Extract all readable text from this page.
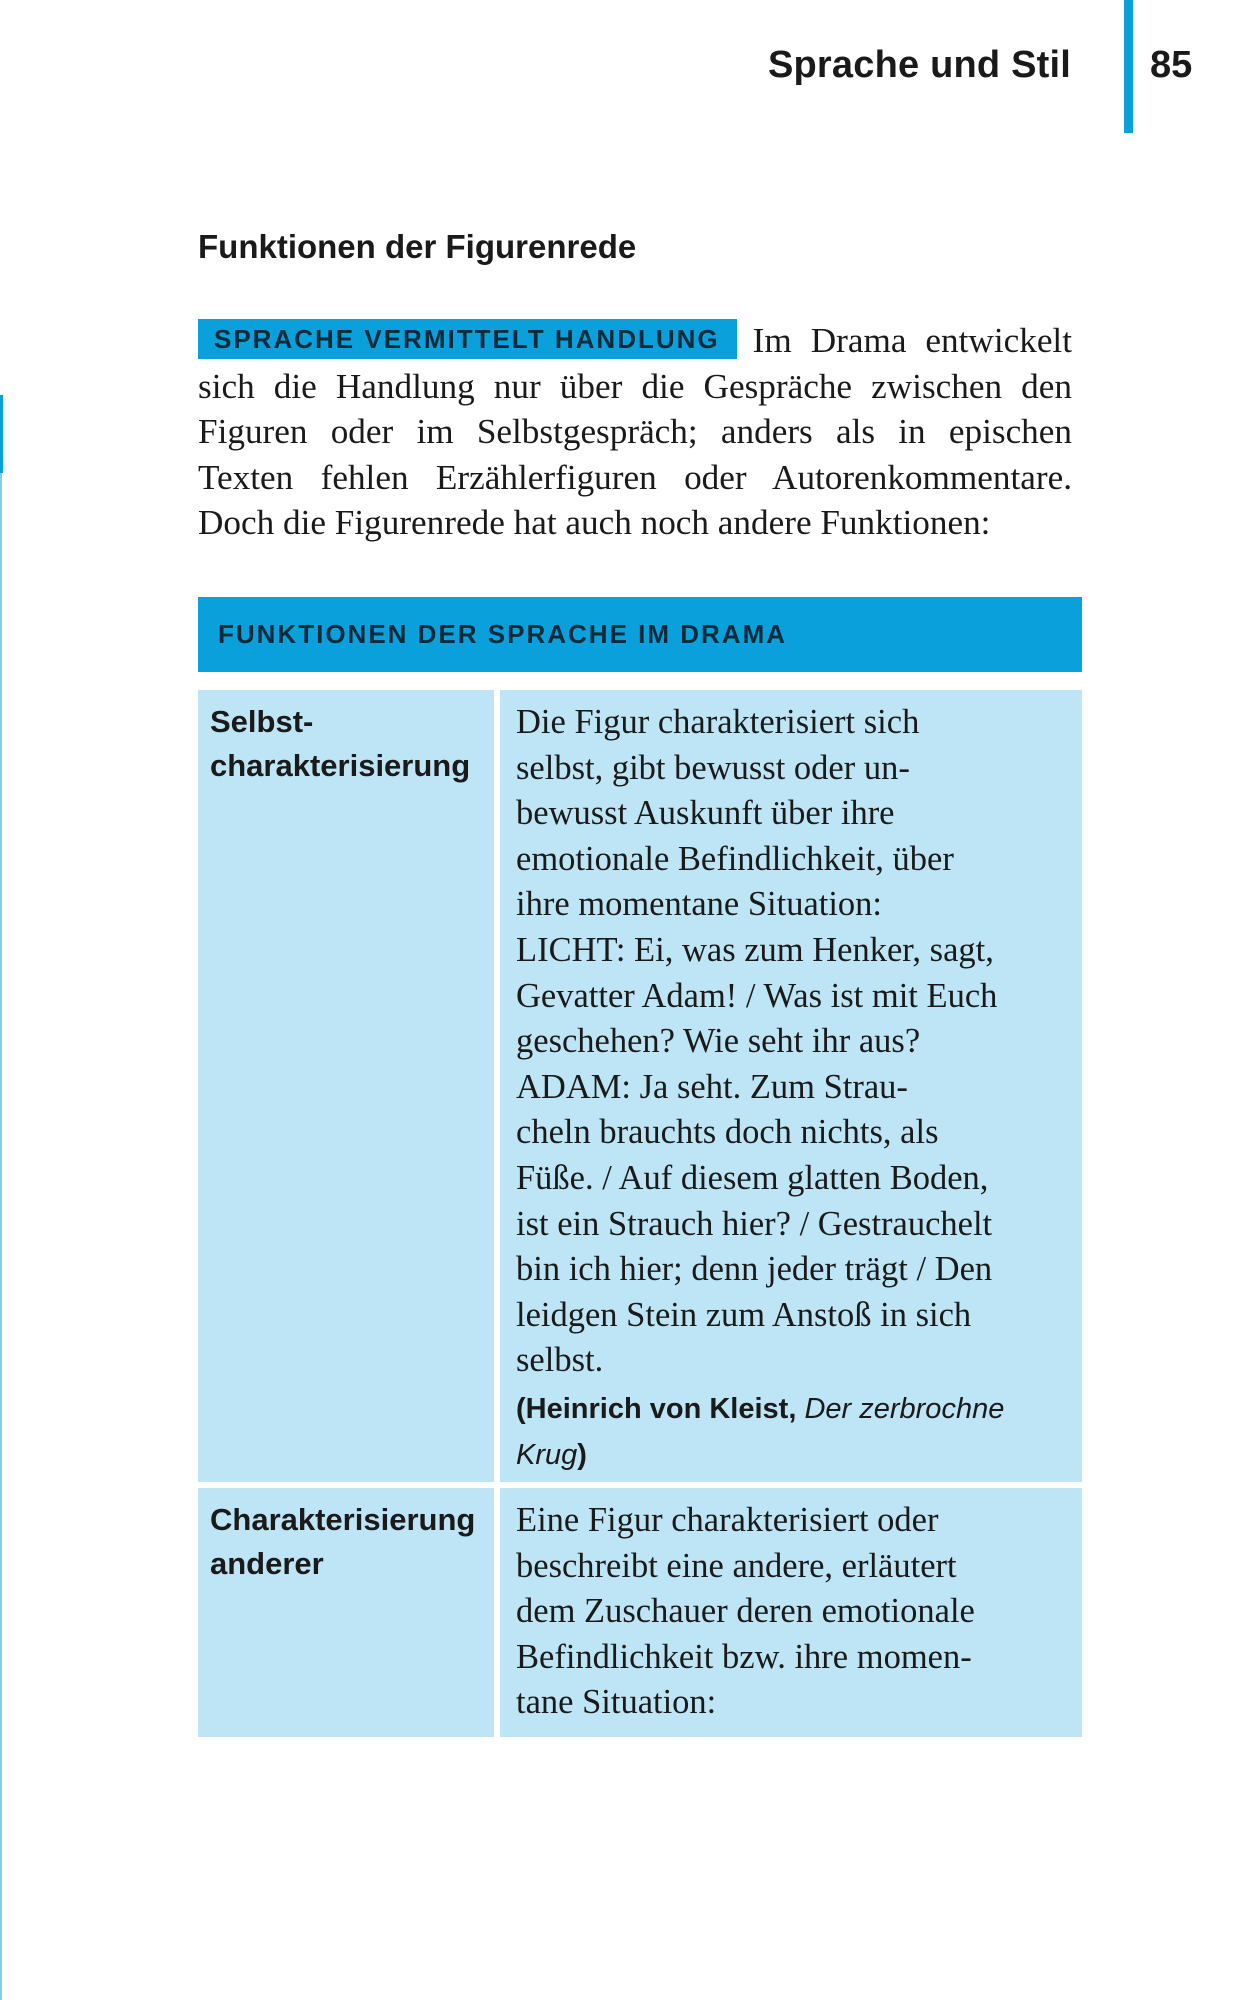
Sprache und Stil 85
Funktionen der Figurenrede
SPRACHE VERMITTELT HANDLUNG Im Drama entwickelt sich die Handlung nur über die Gespräche zwischen den Figuren oder im Selbstgespräch; anders als in epischen Texten fehlen Erzählerfiguren oder Autorenkommentare. Doch die Figurenrede hat auch noch andere Funktionen:
FUNKTIONEN DER SPRACHE IM DRAMA
Selbst-
charakterisierung
Die Figur charakterisiert sich
selbst, gibt bewusst oder un-
bewusst Auskunft über ihre
emotionale Befindlichkeit, über
ihre momentane Situation:
LICHT: Ei, was zum Henker, sagt,
Gevatter Adam! / Was ist mit Euch
geschehen? Wie seht ihr aus?
ADAM: Ja seht. Zum Strau-
cheln brauchts doch nichts, als
Füße. / Auf diesem glatten Boden,
ist ein Strauch hier? / Gestrauchelt
bin ich hier; denn jeder trägt / Den
leidgen Stein zum Anstoß in sich
selbst.
(Heinrich von Kleist, Der zerbrochne
Krug)
Charakterisierung
anderer
Eine Figur charakterisiert oder
beschreibt eine andere, erläutert
dem Zuschauer deren emotionale
Befindlichkeit bzw. ihre momen-
tane Situation:
